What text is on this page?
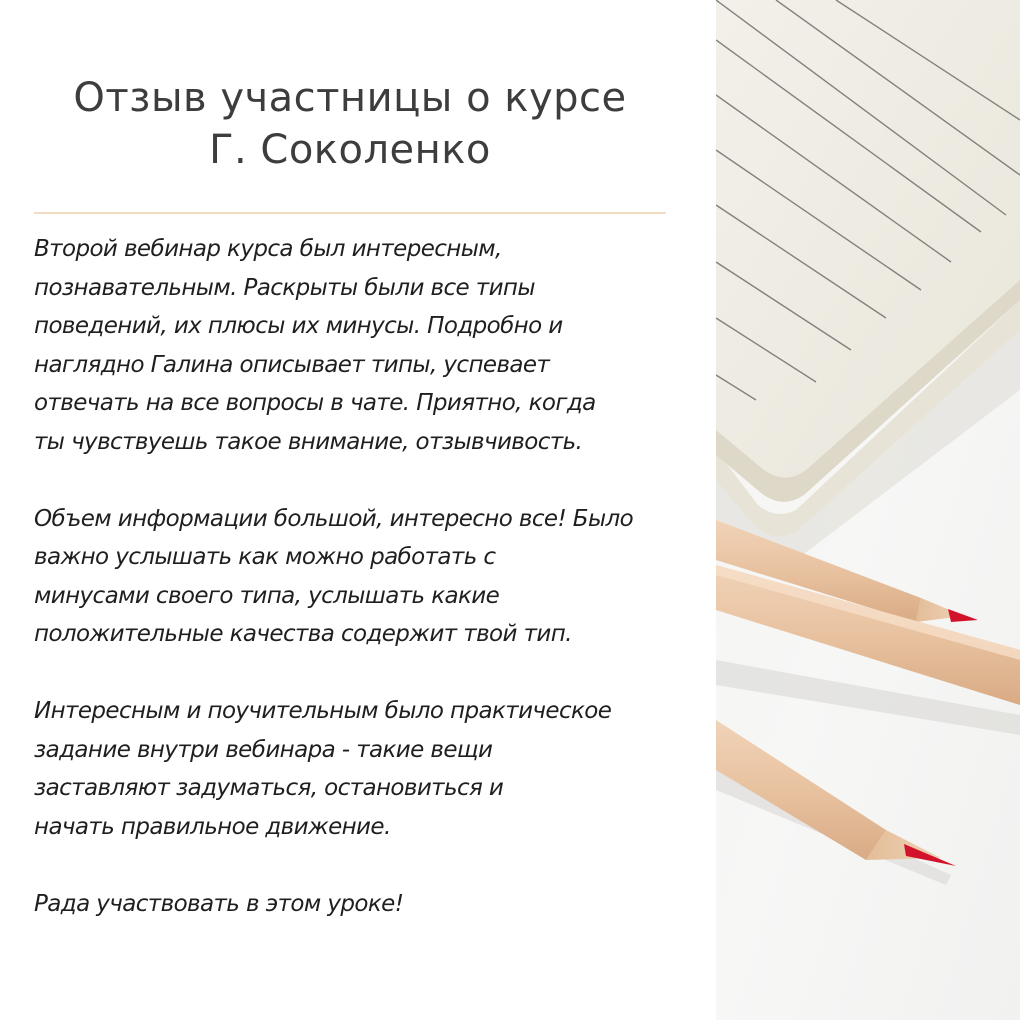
Отзыв участницы о курсе
Г. Соколенко

Второй вебинар курса был интересным,
познавательным. Раскрыты были все типы
поведений, их плюсы их минусы. Подробно и
наглядно Галина описывает типы, успевает
отвечать на все вопросы в чате. Приятно, когда
ты чувствуешь такое внимание, отзывчивость.

Объем информации большой, интересно все! Было
важно услышать как можно работать с
минусами своего типа, услышать какие
положительные качества содержит твой тип.

Интересным и поучительным было практическое
задание внутри вебинара - такие вещи
заставляют задуматься, остановиться и
начать правильное движение.

Рада участвовать в этом уроке!
